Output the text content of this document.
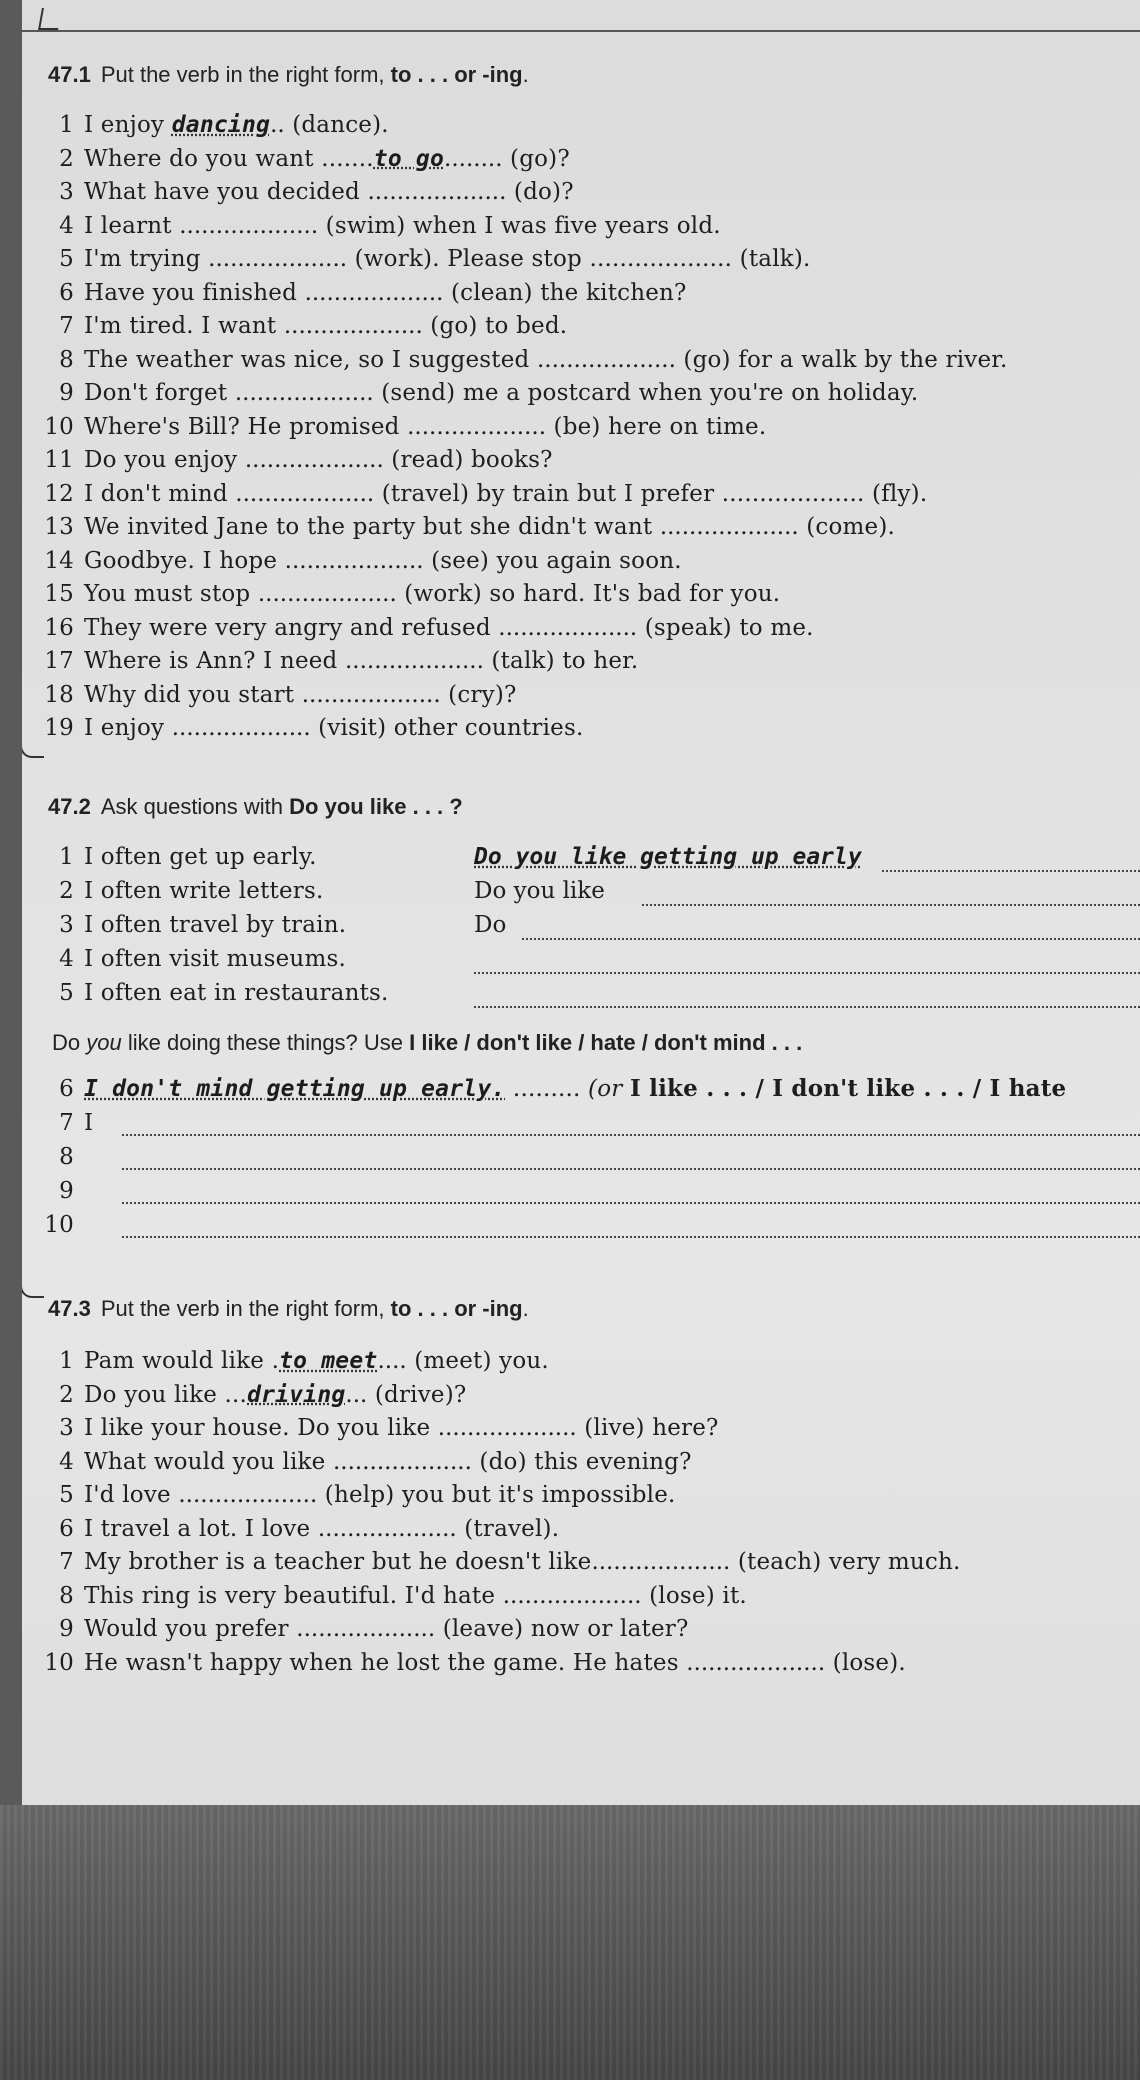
47.1 Put the verb in the right form, to . . . or -ing.
1 I enjoy dancing.. (dance).
2 Where do you want .......to go........ (go)?
3 What have you decided ................... (do)?
4 I learnt ................... (swim) when I was five years old.
5 I'm trying ................... (work). Please stop ................... (talk).
6 Have you finished ................... (clean) the kitchen?
7 I'm tired. I want ................... (go) to bed.
8 The weather was nice, so I suggested ................... (go) for a walk by the river.
9 Don't forget ................... (send) me a postcard when you're on holiday.
10 Where's Bill? He promised ................... (be) here on time.
11 Do you enjoy ................... (read) books?
12 I don't mind ................... (travel) by train but I prefer ................... (fly).
13 We invited Jane to the party but she didn't want ................... (come).
14 Goodbye. I hope ................... (see) you again soon.
15 You must stop ................... (work) so hard. It's bad for you.
16 They were very angry and refused ................... (speak) to me.
17 Where is Ann? I need ................... (talk) to her.
18 Why did you start ................... (cry)?
19 I enjoy ................... (visit) other countries.
47.2 Ask questions with Do you like . . . ?
1 I often get up early.	Do you like getting up early
2 I often write letters.	Do you like
3 I often travel by train.	Do
4 I often visit museums.
5 I often eat in restaurants.
Do you like doing these things? Use I like / don't like / hate / don't mind . . .
6 I don't mind getting up early. ......... (or I like . . . / I don't like . . . / I hate
7 I
8
9
10
47.3 Put the verb in the right form, to . . . or -ing.
1 Pam would like .to meet.... (meet) you.
2 Do you like ...driving... (drive)?
3 I like your house. Do you like ................... (live) here?
4 What would you like ................... (do) this evening?
5 I'd love ................... (help) you but it's impossible.
6 I travel a lot. I love ................... (travel).
7 My brother is a teacher but he doesn't like................... (teach) very much.
8 This ring is very beautiful. I'd hate ................... (lose) it.
9 Would you prefer ................... (leave) now or later?
10 He wasn't happy when he lost the game. He hates ................... (lose).
